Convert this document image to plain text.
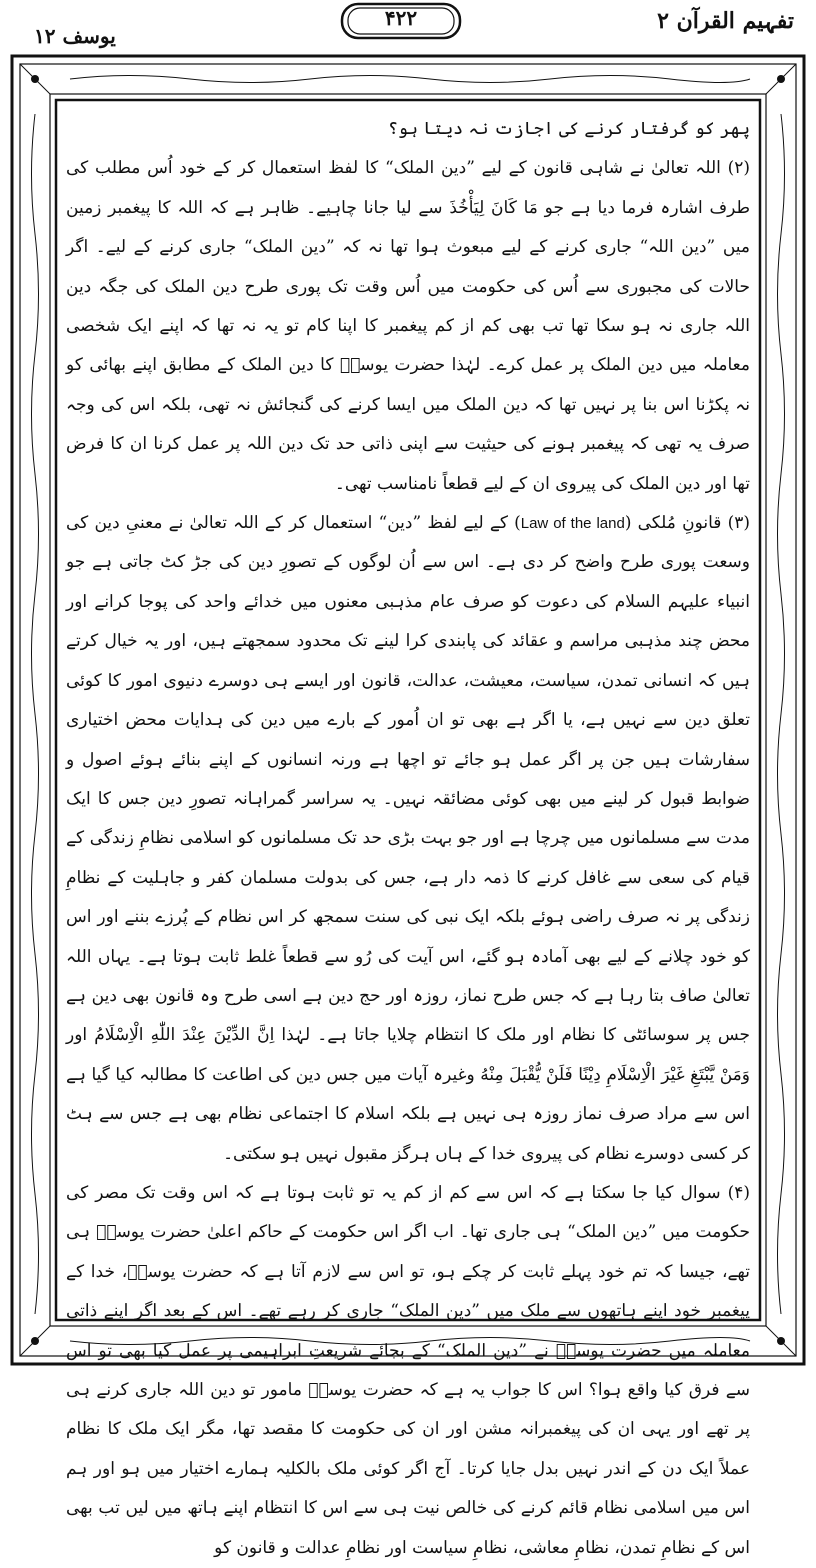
تفہیم القرآن ۲
۴۲۲
یوسف ۱۲

پھر کو گرفتار کرنے کی اجازت نہ دیتا ہو؟

(۲) اللہ تعالیٰ نے شاہی قانون کے لیے ”دین الملک“ کا لفظ استعمال کر کے خود اُس مطلب کی طرف اشارہ فرما دیا ہے جو مَا كَانَ لِيَأْخُذَ سے لیا جانا چاہیے۔ ظاہر ہے کہ اللہ کا پیغمبر زمین میں ”دین اللہ“ جاری کرنے کے لیے مبعوث ہوا تھا نہ کہ ”دین الملک“ جاری کرنے کے لیے۔ اگر حالات کی مجبوری سے اُس کی حکومت میں اُس وقت تک پوری طرح دین الملک کی جگہ دین اللہ جاری نہ ہو سکا تھا تب بھی کم از کم پیغمبر کا اپنا کام تو یہ نہ تھا کہ اپنے ایک شخصی معاملہ میں دین الملک پر عمل کرے۔ لہٰذا حضرت یوسفؑ کا دین الملک کے مطابق اپنے بھائی کو نہ پکڑنا اس بنا پر نہیں تھا کہ دین الملک میں ایسا کرنے کی گنجائش نہ تھی، بلکہ اس کی وجہ صرف یہ تھی کہ پیغمبر ہونے کی حیثیت سے اپنی ذاتی حد تک دین اللہ پر عمل کرنا ان کا فرض تھا اور دین الملک کی پیروی ان کے لیے قطعاً نامناسب تھی۔

(۳) قانونِ مُلکی (Law of the land) کے لیے لفظ ”دین“ استعمال کر کے اللہ تعالیٰ نے معنیِ دین کی وسعت پوری طرح واضح کر دی ہے۔ اس سے اُن لوگوں کے تصورِ دین کی جڑ کٹ جاتی ہے جو انبیاء علیہم السلام کی دعوت کو صرف عام مذہبی معنوں میں خدائے واحد کی پوجا کرانے اور محض چند مذہبی مراسم و عقائد کی پابندی کرا لینے تک محدود سمجھتے ہیں، اور یہ خیال کرتے ہیں کہ انسانی تمدن، سیاست، معیشت، عدالت، قانون اور ایسے ہی دوسرے دنیوی امور کا کوئی تعلق دین سے نہیں ہے، یا اگر ہے بھی تو ان اُمور کے بارے میں دین کی ہدایات محض اختیاری سفارشات ہیں جن پر اگر عمل ہو جائے تو اچھا ہے ورنہ انسانوں کے اپنے بنائے ہوئے اصول و ضوابط قبول کر لینے میں بھی کوئی مضائقہ نہیں۔ یہ سراسر گمراہانہ تصورِ دین جس کا ایک مدت سے مسلمانوں میں چرچا ہے اور جو بہت بڑی حد تک مسلمانوں کو اسلامی نظامِ زندگی کے قیام کی سعی سے غافل کرنے کا ذمہ دار ہے، جس کی بدولت مسلمان کفر و جاہلیت کے نظامِ زندگی پر نہ صرف راضی ہوئے بلکہ ایک نبی کی سنت سمجھ کر اس نظام کے پُرزے بننے اور اس کو خود چلانے کے لیے بھی آمادہ ہو گئے، اس آیت کی رُو سے قطعاً غلط ثابت ہوتا ہے۔ یہاں اللہ تعالیٰ صاف بتا رہا ہے کہ جس طرح نماز، روزہ اور حج دین ہے اسی طرح وہ قانون بھی دین ہے جس پر سوسائٹی کا نظام اور ملک کا انتظام چلایا جاتا ہے۔ لہٰذا اِنَّ الدِّيْنَ عِنْدَ اللّٰهِ الْاِسْلَامُ اور وَمَنْ يَّبْتَغِ غَيْرَ الْاِسْلَامِ دِيْنًا فَلَنْ يُّقْبَلَ مِنْهُ وغیرہ آیات میں جس دین کی اطاعت کا مطالبہ کیا گیا ہے اس سے مراد صرف نماز روزہ ہی نہیں ہے بلکہ اسلام کا اجتماعی نظام بھی ہے جس سے ہٹ کر کسی دوسرے نظام کی پیروی خدا کے ہاں ہرگز مقبول نہیں ہو سکتی۔

(۴) سوال کیا جا سکتا ہے کہ اس سے کم از کم یہ تو ثابت ہوتا ہے کہ اس وقت تک مصر کی حکومت میں ”دین الملک“ ہی جاری تھا۔ اب اگر اس حکومت کے حاکم اعلیٰ حضرت یوسفؑ ہی تھے، جیسا کہ تم خود پہلے ثابت کر چکے ہو، تو اس سے لازم آتا ہے کہ حضرت یوسفؑ، خدا کے پیغمبر خود اپنے ہاتھوں سے ملک میں ”دین الملک“ جاری کر رہے تھے۔ اس کے بعد اگر اپنے ذاتی معاملہ میں حضرت یوسفؑ نے ”دین الملک“ کے بجائے شریعتِ ابراہیمی پر عمل کیا بھی تو اس سے فرق کیا واقع ہوا؟ اس کا جواب یہ ہے کہ حضرت یوسفؑ مامور تو دین اللہ جاری کرنے ہی پر تھے اور یہی ان کی پیغمبرانہ مشن اور ان کی حکومت کا مقصد تھا، مگر ایک ملک کا نظام عملاً ایک دن کے اندر نہیں بدل جایا کرتا۔ آج اگر کوئی ملک بالکلیہ ہمارے اختیار میں ہو اور ہم اس میں اسلامی نظام قائم کرنے کی خالص نیت ہی سے اس کا انتظام اپنے ہاتھ میں لیں تب بھی اس کے نظامِ تمدن، نظامِ معاشی، نظامِ سیاست اور نظامِ عدالت و قانون کو
